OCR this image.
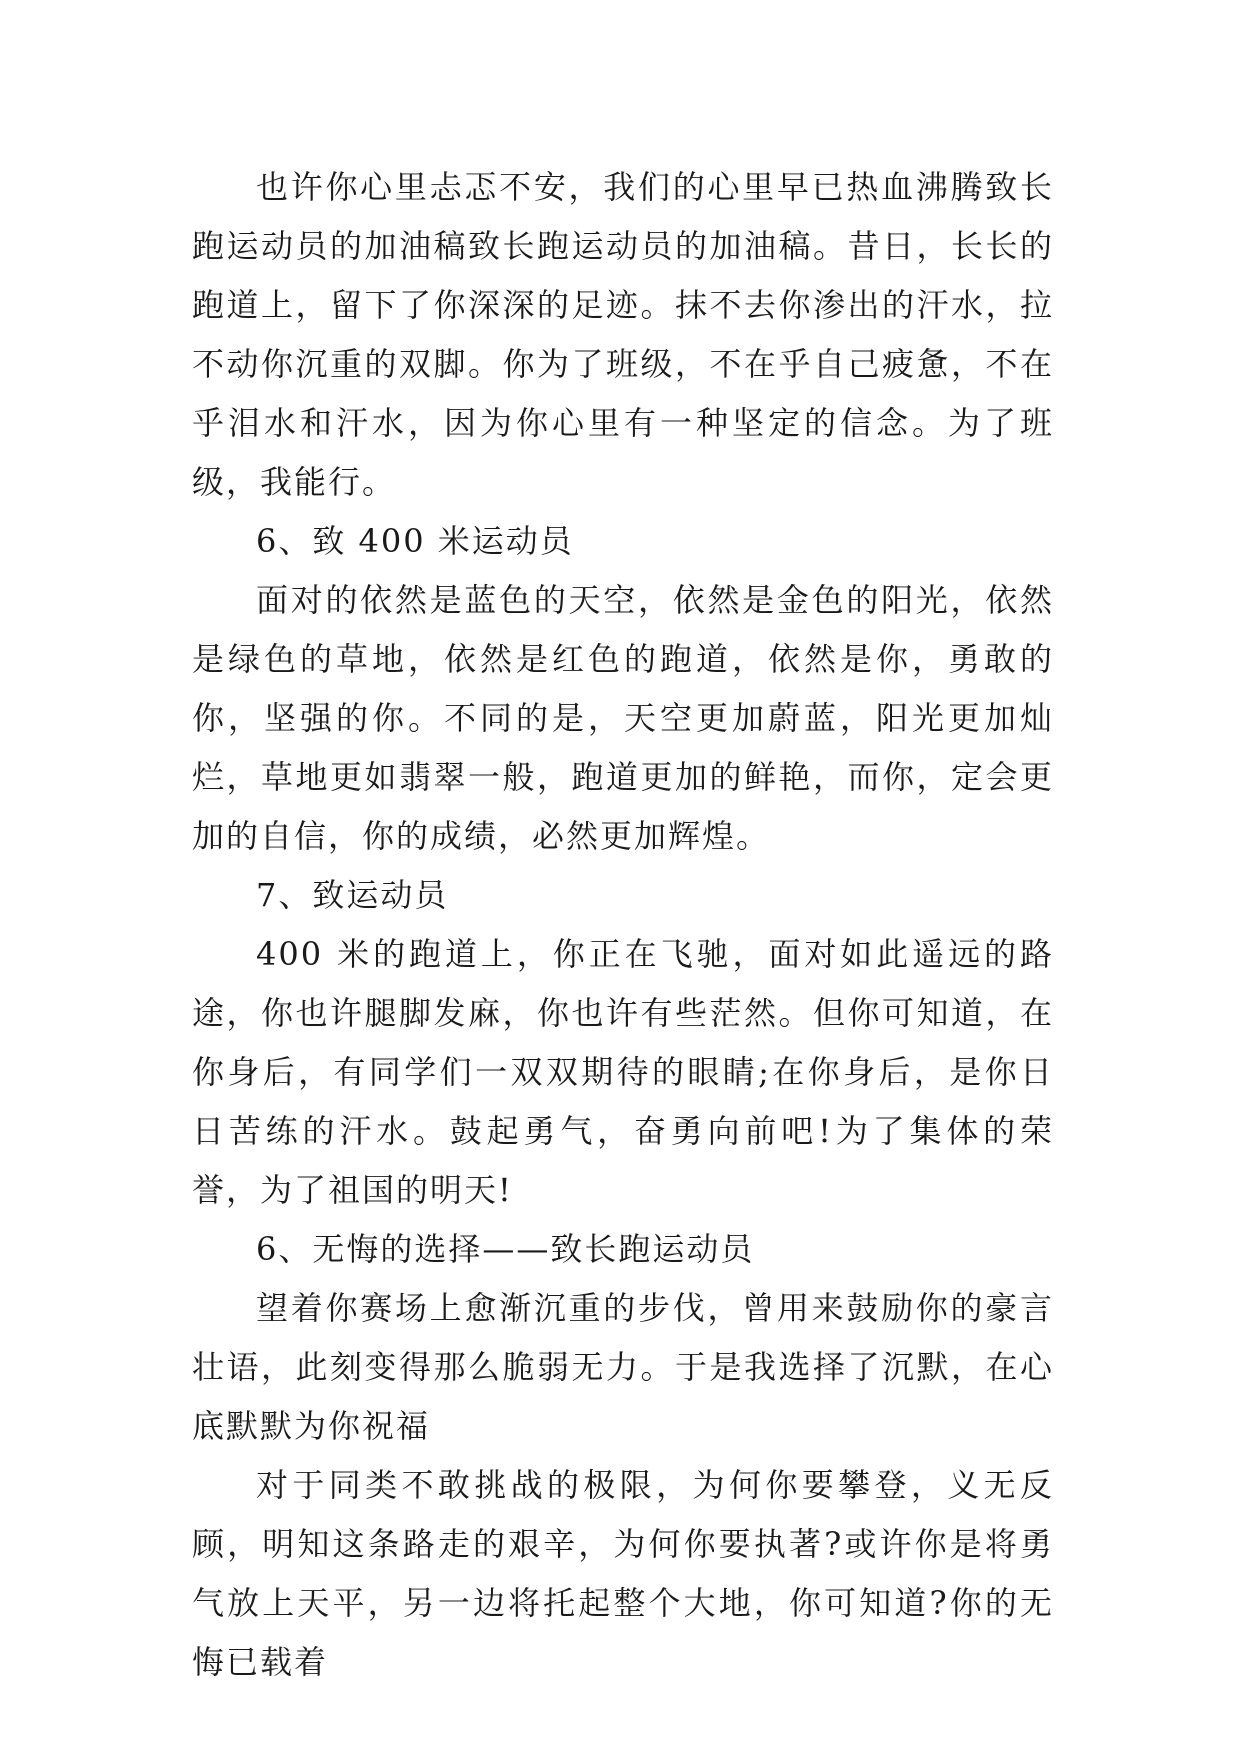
也许你心里忐忑不安，我们的心里早已热血沸腾致长跑运动员的加油稿致长跑运动员的加油稿。昔日，长长的跑道上，留下了你深深的足迹。抹不去你渗出的汗水，拉不动你沉重的双脚。你为了班级，不在乎自己疲惫，不在乎泪水和汗水，因为你心里有一种坚定的信念。为了班级，我能行。

6、致 400 米运动员

面对的依然是蓝色的天空，依然是金色的阳光，依然是绿色的草地，依然是红色的跑道，依然是你，勇敢的你，坚强的你。不同的是，天空更加蔚蓝，阳光更加灿烂，草地更如翡翠一般，跑道更加的鲜艳，而你，定会更加的自信，你的成绩，必然更加辉煌。

7、致运动员

400 米的跑道上，你正在飞驰，面对如此遥远的路途，你也许腿脚发麻，你也许有些茫然。但你可知道，在你身后，有同学们一双双期待的眼睛;在你身后，是你日日苦练的汗水。鼓起勇气，奋勇向前吧!为了集体的荣誉，为了祖国的明天!

6、无悔的选择——致长跑运动员

望着你赛场上愈渐沉重的步伐，曾用来鼓励你的豪言壮语，此刻变得那么脆弱无力。于是我选择了沉默，在心底默默为你祝福

对于同类不敢挑战的极限，为何你要攀登，义无反顾，明知这条路走的艰辛，为何你要执著?或许你是将勇气放上天平，另一边将托起整个大地，你可知道?你的无悔已载着
